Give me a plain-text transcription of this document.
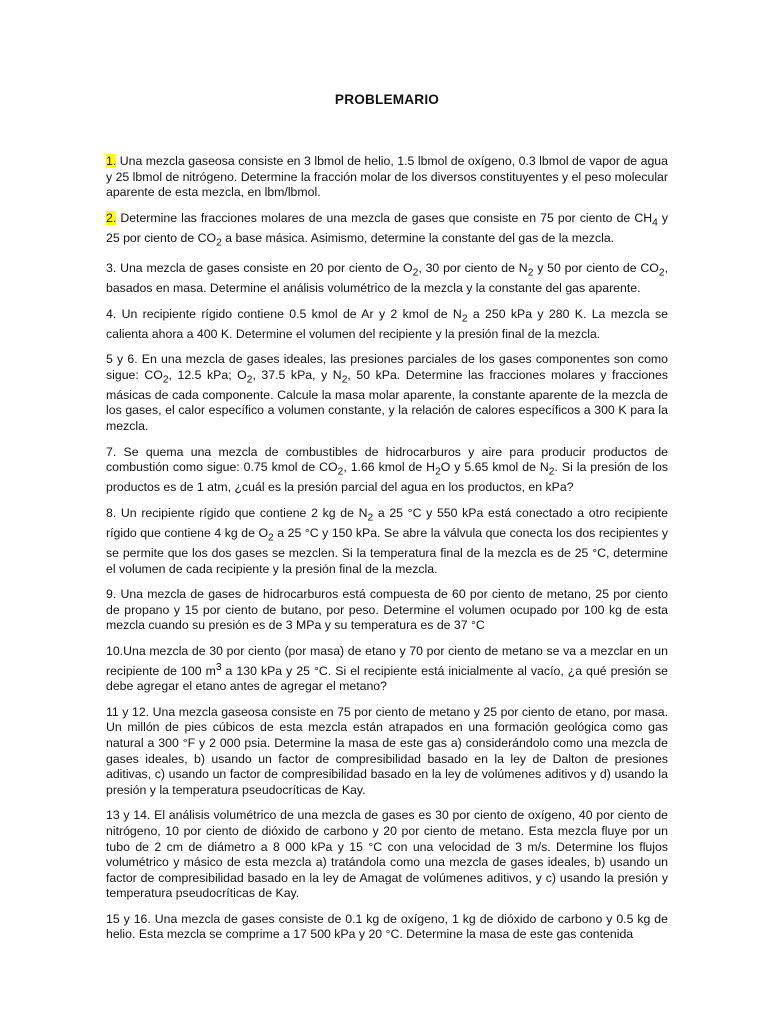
PROBLEMARIO

1. Una mezcla gaseosa consiste en 3 lbmol de helio, 1.5 lbmol de oxígeno, 0.3 lbmol de vapor de agua y 25 lbmol de nitrógeno. Determine la fracción molar de los diversos constituyentes y el peso molecular aparente de esta mezcla, en lbm/lbmol.

2. Determine las fracciones molares de una mezcla de gases que consiste en 75 por ciento de $CH_4$ y 25 por ciento de $CO_2$ a base másica. Asimismo, determine la constante del gas de la mezcla.

3. Una mezcla de gases consiste en 20 por ciento de $O_2$, 30 por ciento de $N_2$ y 50 por ciento de $CO_2$, basados en masa. Determine el análisis volumétrico de la mezcla y la constante del gas aparente.

4. Un recipiente rígido contiene 0.5 kmol de Ar y 2 kmol de $N_2$ a 250 kPa y 280 K. La mezcla se calienta ahora a 400 K. Determine el volumen del recipiente y la presión final de la mezcla.

5 y 6. En una mezcla de gases ideales, las presiones parciales de los gases componentes son como sigue: $CO_2$, 12.5 kPa; $O_2$, 37.5 kPa, y $N_2$, 50 kPa. Determine las fracciones molares y fracciones másicas de cada componente. Calcule la masa molar aparente, la constante aparente de la mezcla de los gases, el calor específico a volumen constante, y la relación de calores específicos a 300 K para la mezcla.

7. Se quema una mezcla de combustibles de hidrocarburos y aire para producir productos de combustión como sigue: 0.75 kmol de $CO_2$, 1.66 kmol de $H_2O$ y 5.65 kmol de $N_2$. Si la presión de los productos es de 1 atm, ¿cuál es la presión parcial del agua en los productos, en kPa?

8. Un recipiente rígido que contiene 2 kg de $N_2$ a 25 °C y 550 kPa está conectado a otro recipiente rígido que contiene 4 kg de $O_2$ a 25 °C y 150 kPa. Se abre la válvula que conecta los dos recipientes y se permite que los dos gases se mezclen. Si la temperatura final de la mezcla es de 25 °C, determine el volumen de cada recipiente y la presión final de la mezcla.

9. Una mezcla de gases de hidrocarburos está compuesta de 60 por ciento de metano, 25 por ciento de propano y 15 por ciento de butano, por peso. Determine el volumen ocupado por 100 kg de esta mezcla cuando su presión es de 3 MPa y su temperatura es de 37 °C

10.Una mezcla de 30 por ciento (por masa) de etano y 70 por ciento de metano se va a mezclar en un recipiente de 100 $m^3$ a 130 kPa y 25 °C. Si el recipiente está inicialmente al vacío, ¿a qué presión se debe agregar el etano antes de agregar el metano?

11 y 12. Una mezcla gaseosa consiste en 75 por ciento de metano y 25 por ciento de etano, por masa. Un millón de pies cúbicos de esta mezcla están atrapados en una formación geológica como gas natural a 300 °F y 2 000 psia. Determine la masa de este gas a) considerándolo como una mezcla de gases ideales, b) usando un factor de compresibilidad basado en la ley de Dalton de presiones aditivas, c) usando un factor de compresibilidad basado en la ley de volúmenes aditivos y d) usando la presión y la temperatura pseudocríticas de Kay.

13 y 14. El análisis volumétrico de una mezcla de gases es 30 por ciento de oxígeno, 40 por ciento de nitrógeno, 10 por ciento de dióxido de carbono y 20 por ciento de metano. Esta mezcla fluye por un tubo de 2 cm de diámetro a 8 000 kPa y 15 °C con una velocidad de 3 m/s. Determine los flujos volumétrico y másico de esta mezcla a) tratándola como una mezcla de gases ideales, b) usando un factor de compresibilidad basado en la ley de Amagat de volúmenes aditivos, y c) usando la presión y temperatura pseudocríticas de Kay.

15 y 16. Una mezcla de gases consiste de 0.1 kg de oxígeno, 1 kg de dióxido de carbono y 0.5 kg de helio. Esta mezcla se comprime a 17 500 kPa y 20 °C. Determine la masa de este gas contenida
